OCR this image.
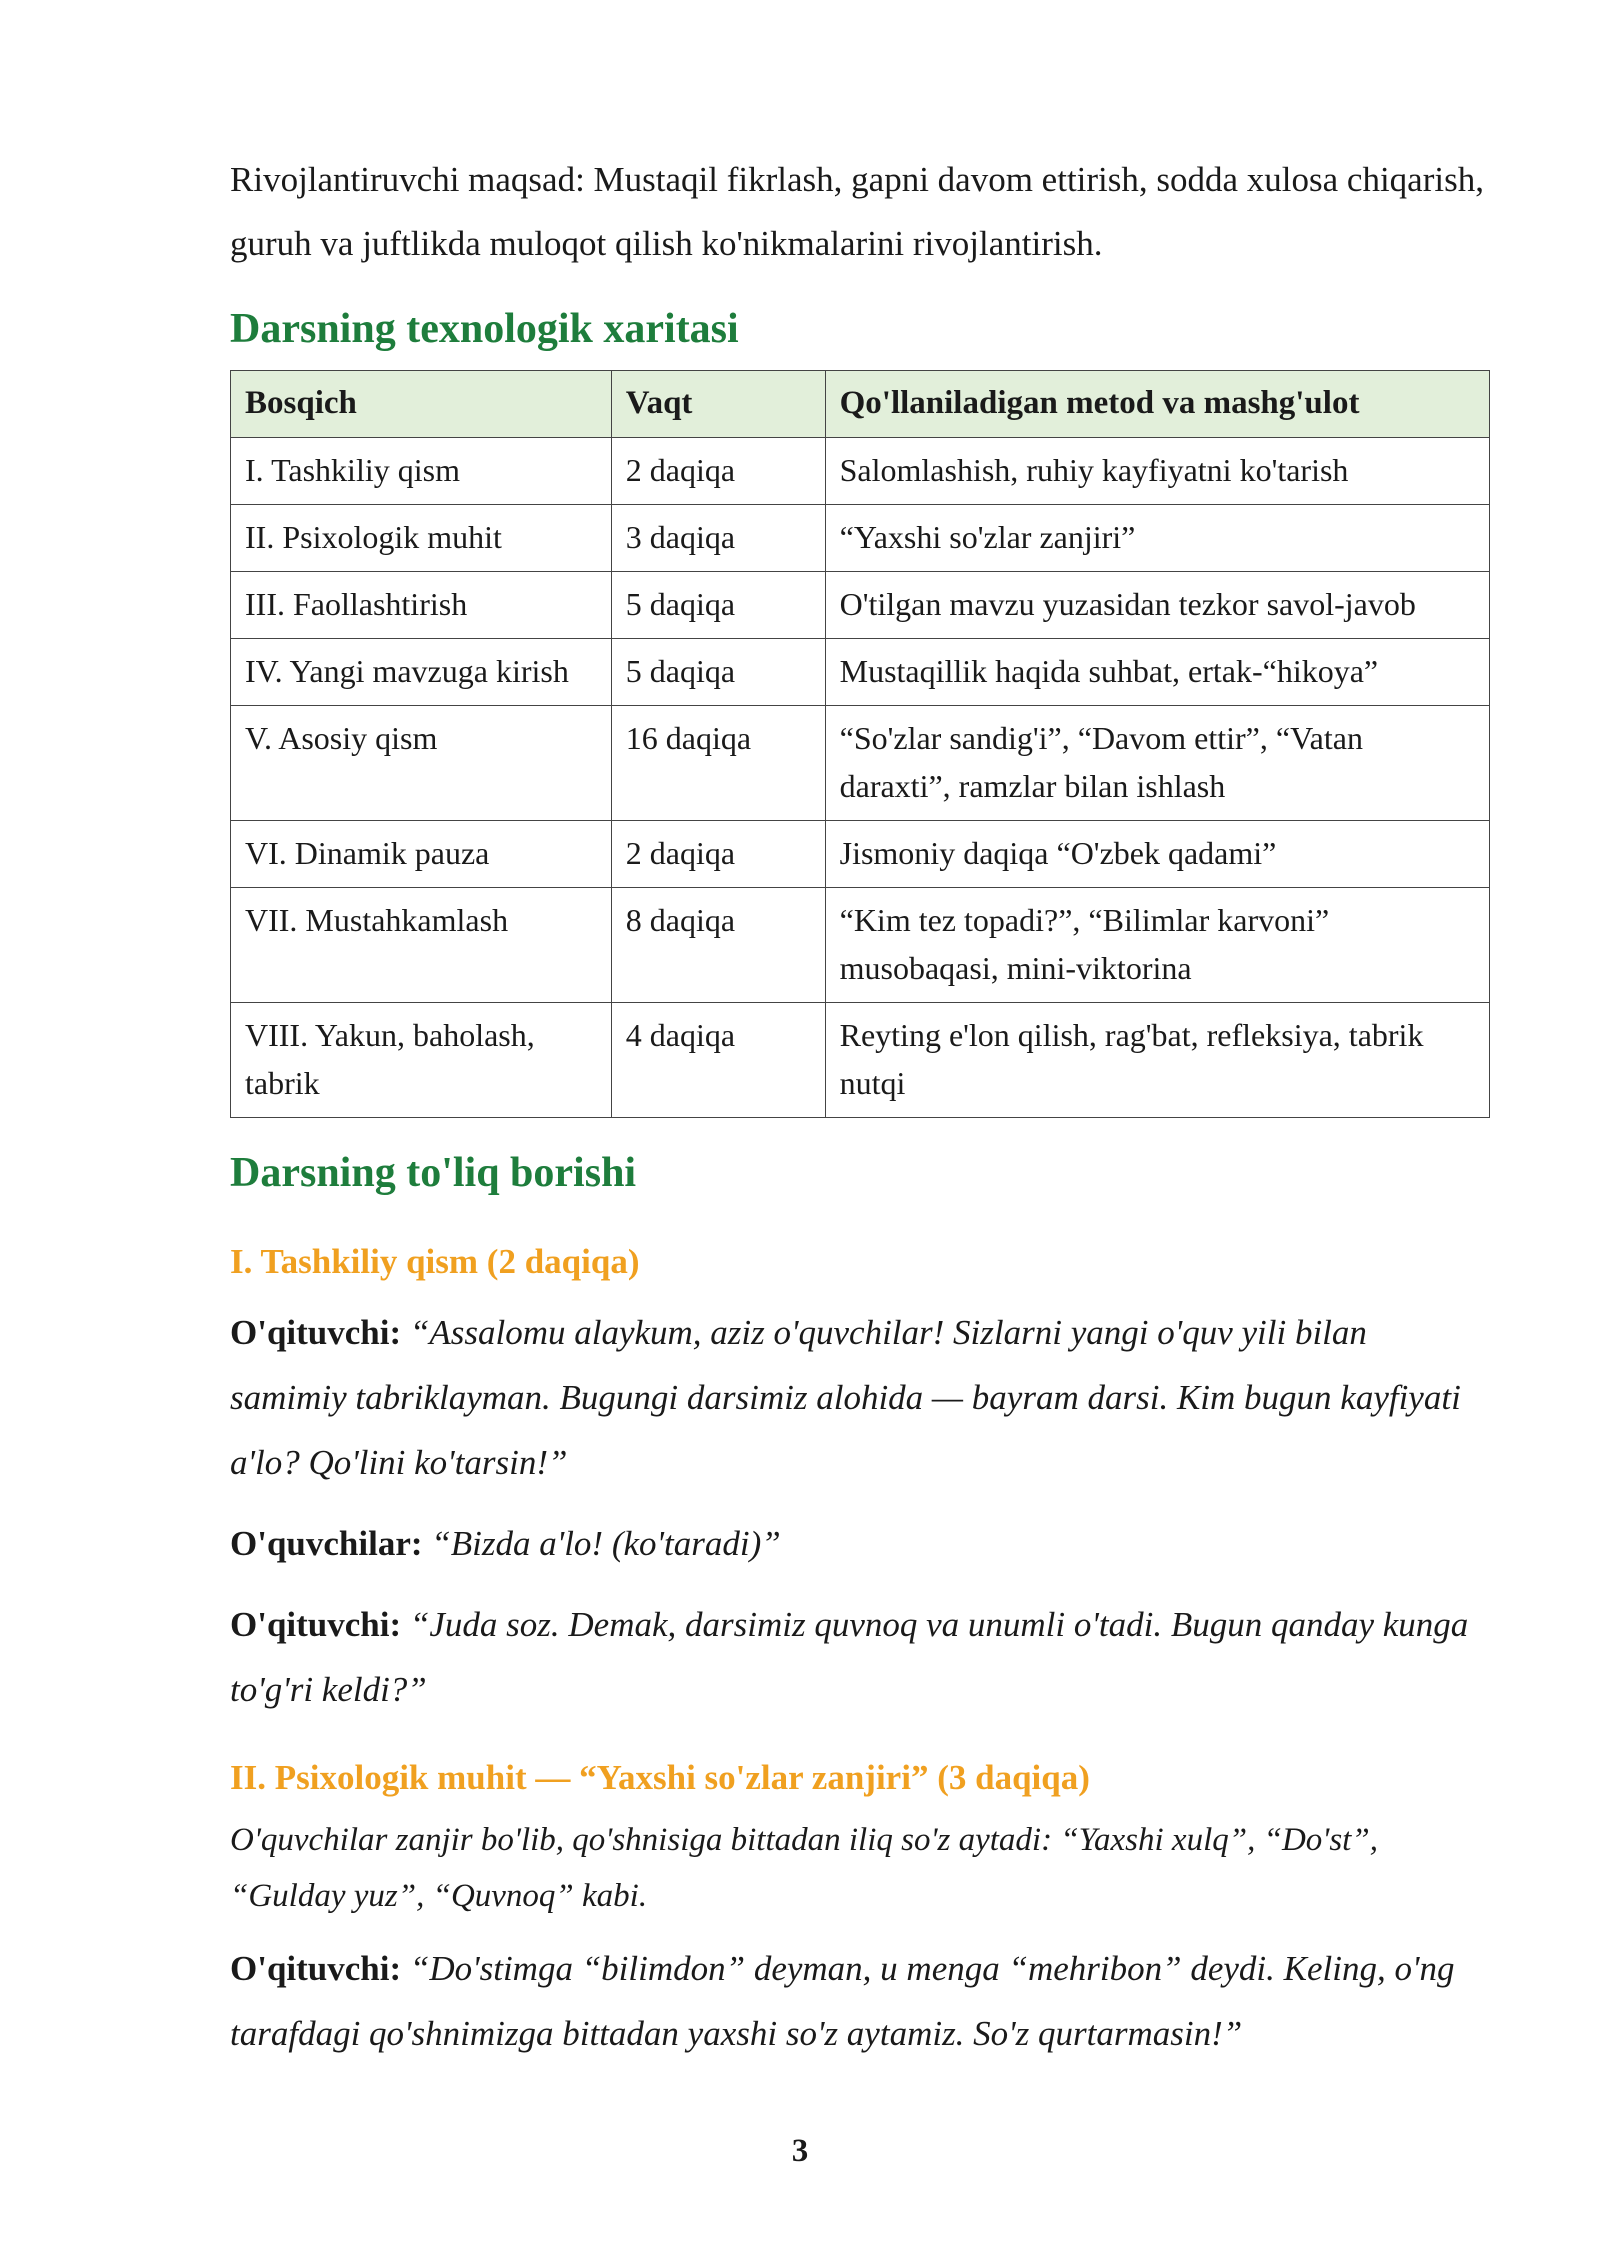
Rivojlantiruvchi maqsad: Mustaqil fikrlash, gapni davom ettirish, sodda xulosa chiqarish, guruh va juftlikda muloqot qilish ko'nikmalarini rivojlantirish.

Darsning texnologik xaritasi
Bosqich	Vaqt	Qo'llaniladigan metod va mashg'ulot
I. Tashkiliy qism	2 daqiqa	Salomlashish, ruhiy kayfiyatni ko'tarish
II. Psixologik muhit	3 daqiqa	“Yaxshi so'zlar zanjiri”
III. Faollashtirish	5 daqiqa	O'tilgan mavzu yuzasidan tezkor savol-javob
IV. Yangi mavzuga kirish	5 daqiqa	Mustaqillik haqida suhbat, ertak-“hikoya”
V. Asosiy qism	16 daqiqa	“So'zlar sandig'i”, “Davom ettir”, “Vatan daraxti”, ramzlar bilan ishlash
VI. Dinamik pauza	2 daqiqa	Jismoniy daqiqa “O'zbek qadami”
VII. Mustahkamlash	8 daqiqa	“Kim tez topadi?”, “Bilimlar karvoni” musobaqasi, mini-viktorina
VIII. Yakun, baholash, tabrik	4 daqiqa	Reyting e'lon qilish, rag'bat, refleksiya, tabrik nutqi
Darsning to'liq borishi
I. Tashkiliy qism (2 daqiqa)

O'qituvchi: “Assalomu alaykum, aziz o'quvchilar! Sizlarni yangi o'quv yili bilan samimiy tabriklayman. Bugungi darsimiz alohida — bayram darsi. Kim bugun kayfiyati a'lo? Qo'lini ko'tarsin!”

O'quvchilar: “Bizda a'lo! (ko'taradi)”

O'qituvchi: “Juda soz. Demak, darsimiz quvnoq va unumli o'tadi. Bugun qanday kunga to'g'ri keldi?”

II. Psixologik muhit — “Yaxshi so'zlar zanjiri” (3 daqiqa)

O'quvchilar zanjir bo'lib, qo'shnisiga bittadan iliq so'z aytadi: “Yaxshi xulq”, “Do'st”, “Gulday yuz”, “Quvnoq” kabi.

O'qituvchi: “Do'stimga “bilimdon” deyman, u menga “mehribon” deydi. Keling, o'ng tarafdagi qo'shnimizga bittadan yaxshi so'z aytamiz. So'z qurtarmasin!”

3
